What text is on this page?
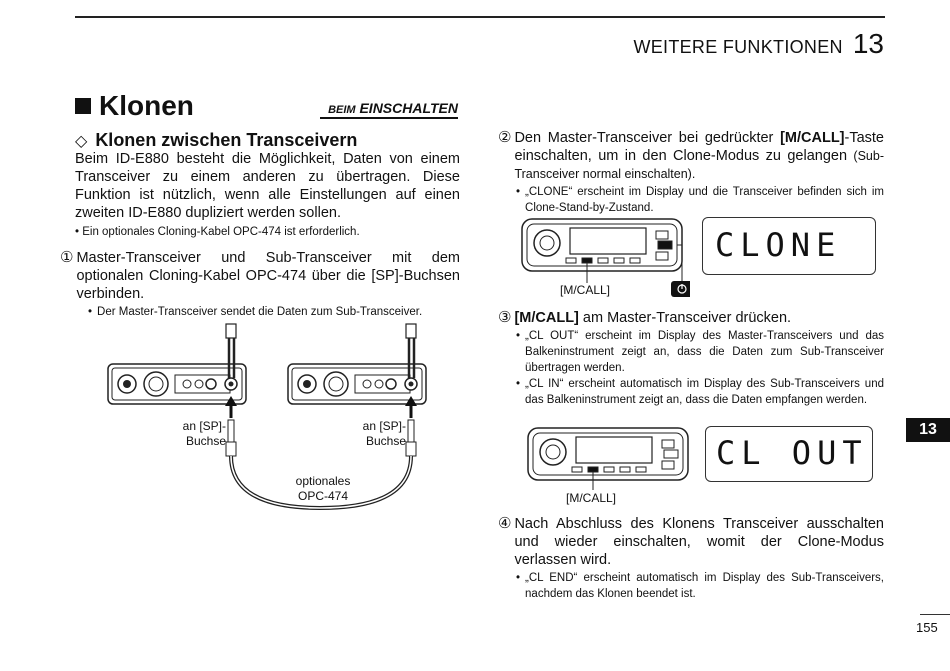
WEITERE FUNKTIONEN 13
Klonen	BEIM EINSCHALTEN
◇ Klonen zwischen Transceivern
Beim ID-E880 besteht die Möglichkeit, Daten von einem Transceiver zu einem anderen zu übertragen. Diese Funktion ist nützlich, wenn alle Einstellungen auf einen zweiten ID-E880 dupliziert werden sollen.
• Ein optionales Cloning-Kabel OPC-474 ist erforderlich.
① Master-Transceiver und Sub-Transceiver mit dem optionalen Cloning-Kabel OPC-474 über die [SP]-Buchsen verbinden.
• Der Master-Transceiver sendet die Daten zum Sub-Transceiver.
an [SP]-
Buchse
an [SP]-
Buchse
optionales
OPC-474
② Den Master-Transceiver bei gedrückter [M/CALL]-Taste einschalten, um in den Clone-Modus zu gelangen (Sub-Transceiver normal einschalten).
• „CLONE“ erscheint im Display und die Transceiver befinden sich im Clone-Stand-by-Zustand.
[M/CALL]
CLONE
③ [M/CALL] am Master-Transceiver drücken.
• „CL OUT“ erscheint im Display des Master-Transceivers und das Balkeninstrument zeigt an, dass die Daten zum Sub-Transceiver übertragen werden.
• „CL IN“ erscheint automatisch im Display des Sub-Transceivers und das Balkeninstrument zeigt an, dass die Daten empfangen werden.
[M/CALL]
CL OUT
④ Nach Abschluss des Klonens Transceiver ausschalten und wieder einschalten, womit der Clone-Modus verlassen wird.
• „CL END“ erscheint automatisch im Display des Sub-Transceivers, nachdem das Klonen beendet ist.
13
155
